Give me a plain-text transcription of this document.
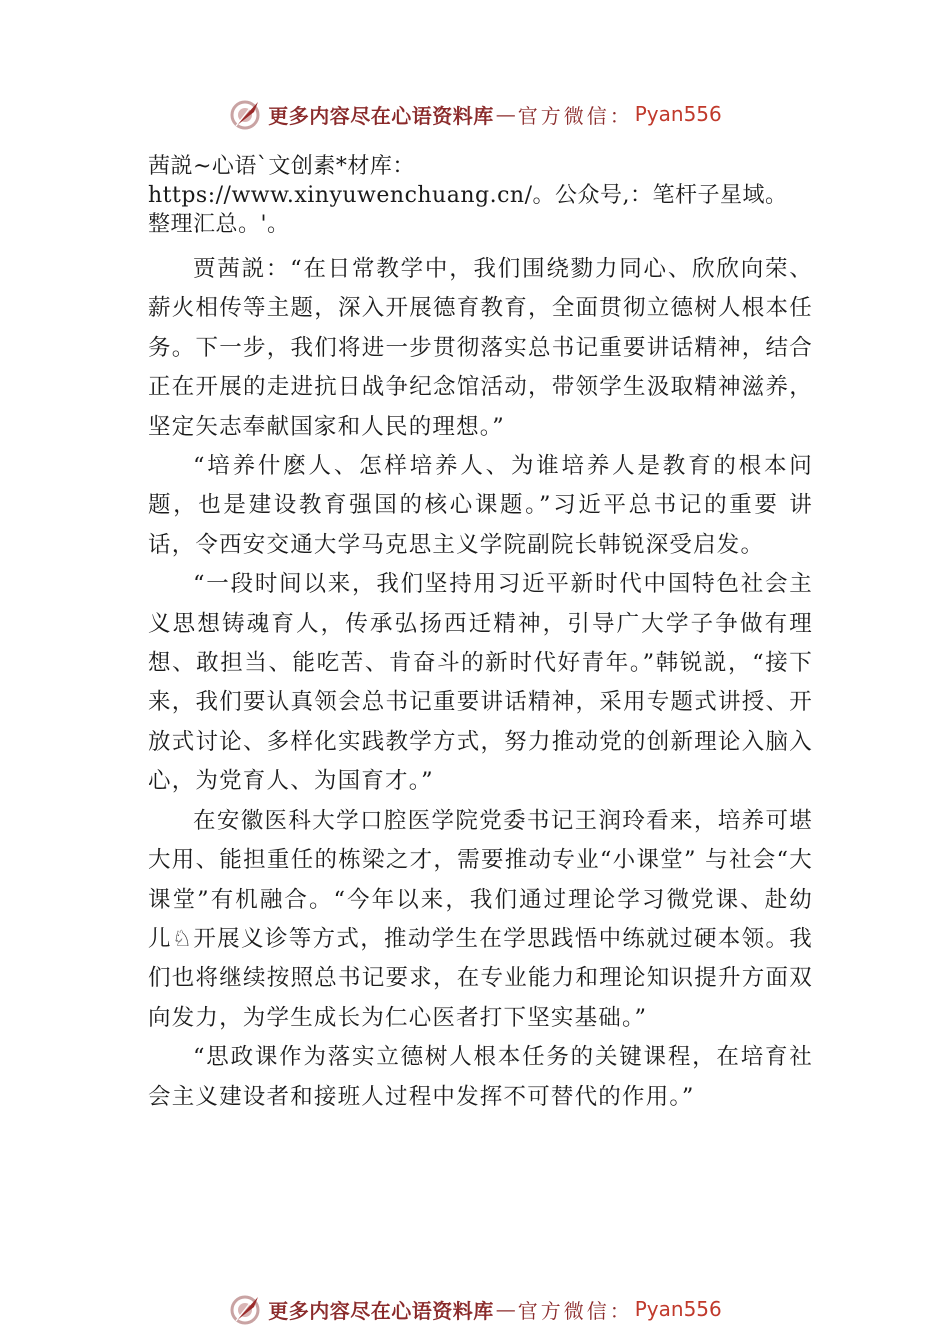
更多内容尽在心语资料库 — 官方微信： Pyan556
茜説~心语`文创素*材库：https://www.xinyuwenchuang.cn/。公众号,：笔杆子星域。整理汇总。'。

贾茜説：“在日常教学中，我们围绕勠力同心、欣欣向荣、薪火相传等主题，深入开展德育教育，全面贯彻立德树人根本任务。下一步，我们将进一步贯彻落实总书记重要讲话精神，结合正在开展的走进抗日战争纪念馆活动，带领学生汲取精神滋养，坚定矢志奉献国家和人民的理想。”

“培养什麽人、怎样培养人、为谁培养人是教育的根本问题，也是建设教育强国的核心课题。”习近平总书记的重要 讲话，令西安交通大学马克思主义学院副院长韩锐深受启发。

“一段时间以来，我们坚持用习近平新时代中国特色社会主义思想铸魂育人，传承弘扬西迁精神，引导广大学子争做有理想、敢担当、能吃苦、肯奋斗的新时代好青年。”韩锐説，“接下来，我们要认真领会总书记重要讲话精神，采用专题式讲授、开放式讨论、多样化实践教学方式，努力推动党的创新理论入脑入心，为党育人、为国育才。”

在安徽医科大学口腔医学院党委书记王润玲看来，培养可堪大用、能担重任的栋梁之才，需要推动专业“小课堂” 与社会“大课堂”有机融合。“今年以来，我们通过理论学习微党课、赴幼儿♘开展义诊等方式，推动学生在学思践悟中练就过硬本领。我们也将继续按照总书记要求，在专业能力和理论知识提升方面双向发力，为学生成长为仁心医者打下坚实基础。”

“思政课作为落实立德树人根本任务的关键课程，在培育社会主义建设者和接班人过程中发挥不可替代的作用。”

更多内容尽在心语资料库 — 官方微信： Pyan556
